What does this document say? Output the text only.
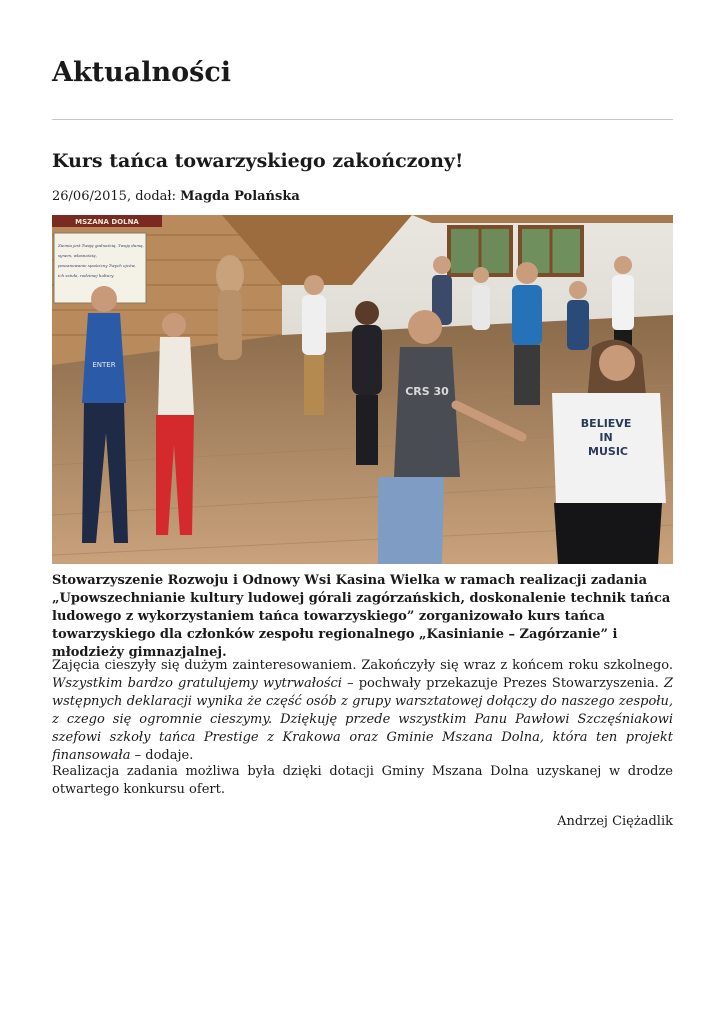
Aktualności
Kurs tańca towarzyskiego zakończony!
26/06/2015, dodał: Magda Polańska
MSZANA DOLNA
Ziemia jest Twoją godnością, Twoją dumą, synem, własnością, poszanowanie spuścizny Twych ojców, ich sztuki, rodzimej kultury
ENTER
CRS 30
BELIEVE IN MUSIC

Stowarzyszenie Rozwoju i Odnowy Wsi Kasina Wielka w ramach realizacji zadania „Upowszechnianie kultury ludowej górali zagórzańskich, doskonalenie technik tańca ludowego z wykorzystaniem tańca towarzyskiego” zorganizowało kurs tańca towarzyskiego dla członków zespołu regionalnego „Kasinianie – Zagórzanie” i młodzieży gimnazjalnej.

Zajęcia cieszyły się dużym zainteresowaniem. Zakończyły się wraz z końcem roku szkolnego. Wszystkim bardzo gratulujemy wytrwałości – pochwały przekazuje Prezes Stowarzyszenia. Z wstępnych deklaracji wynika że część osób z grupy warsztatowej dołączy do naszego zespołu, z czego się ogromnie cieszymy. Dziękuję przede wszystkim Panu Pawłowi Szczęśniakowi szefowi szkoły tańca Prestige z Krakowa oraz Gminie Mszana Dolna, która ten projekt finansowała – dodaje.

Realizacja zadania możliwa była dzięki dotacji Gminy Mszana Dolna uzyskanej w drodze otwartego konkursu ofert.

Andrzej Ciężadlik
